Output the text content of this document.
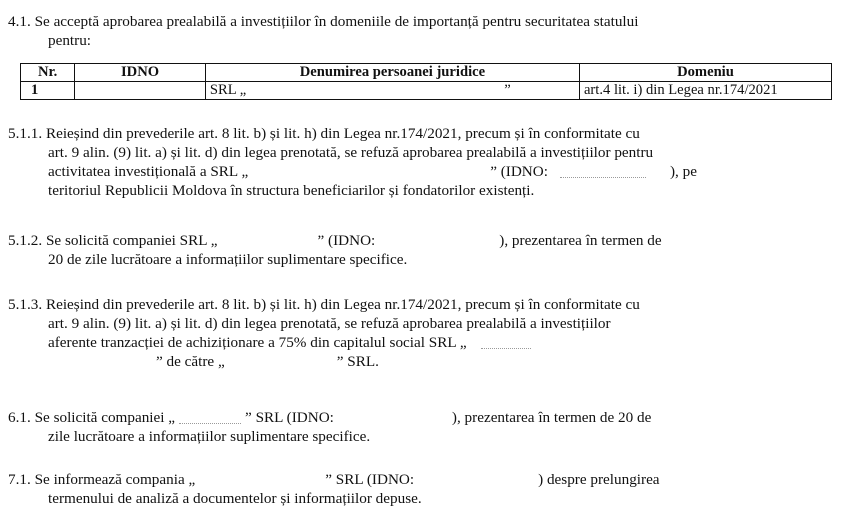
4.1. Se acceptă aprobarea prealabilă a investițiilor în domeniile de importanță pentru securitatea statului
pentru:
Nr.	IDNO	Denumirea persoanei juridice	Domeniu
1		SRL „ ”	art.4 lit. i) din Legea nr.174/2021
5.1.1. Reieșind din prevederile art. 8 lit. b) și lit. h) din Legea nr.174/2021, precum și în conformitate cu
art. 9 alin. (9) lit. a) și lit. d) din legea prenotată, se refuză aprobarea prealabilă a investițiilor pentru
activitatea investițională a SRL „	” (IDNO:	), pe
teritoriul Republicii Moldova în structura beneficiarilor și fondatorilor existenți.
5.1.2. Se solicită companiei SRL „	” (IDNO:	), prezentarea în termen de
20 de zile lucrătoare a informațiilor suplimentare specifice.
5.1.3. Reieșind din prevederile art. 8 lit. b) și lit. h) din Legea nr.174/2021, precum și în conformitate cu
art. 9 alin. (9) lit. a) și lit. d) din legea prenotată, se refuză aprobarea prealabilă a investițiilor
aferente tranzacției de achiziționare a 75% din capitalul social SRL „
” de către „	” SRL.
6.1. Se solicită companiei „	” SRL (IDNO:	), prezentarea în termen de 20 de
zile lucrătoare a informațiilor suplimentare specifice.
7.1. Se informează compania „	” SRL (IDNO:	) despre prelungirea
termenului de analiză a documentelor și informațiilor depuse.
